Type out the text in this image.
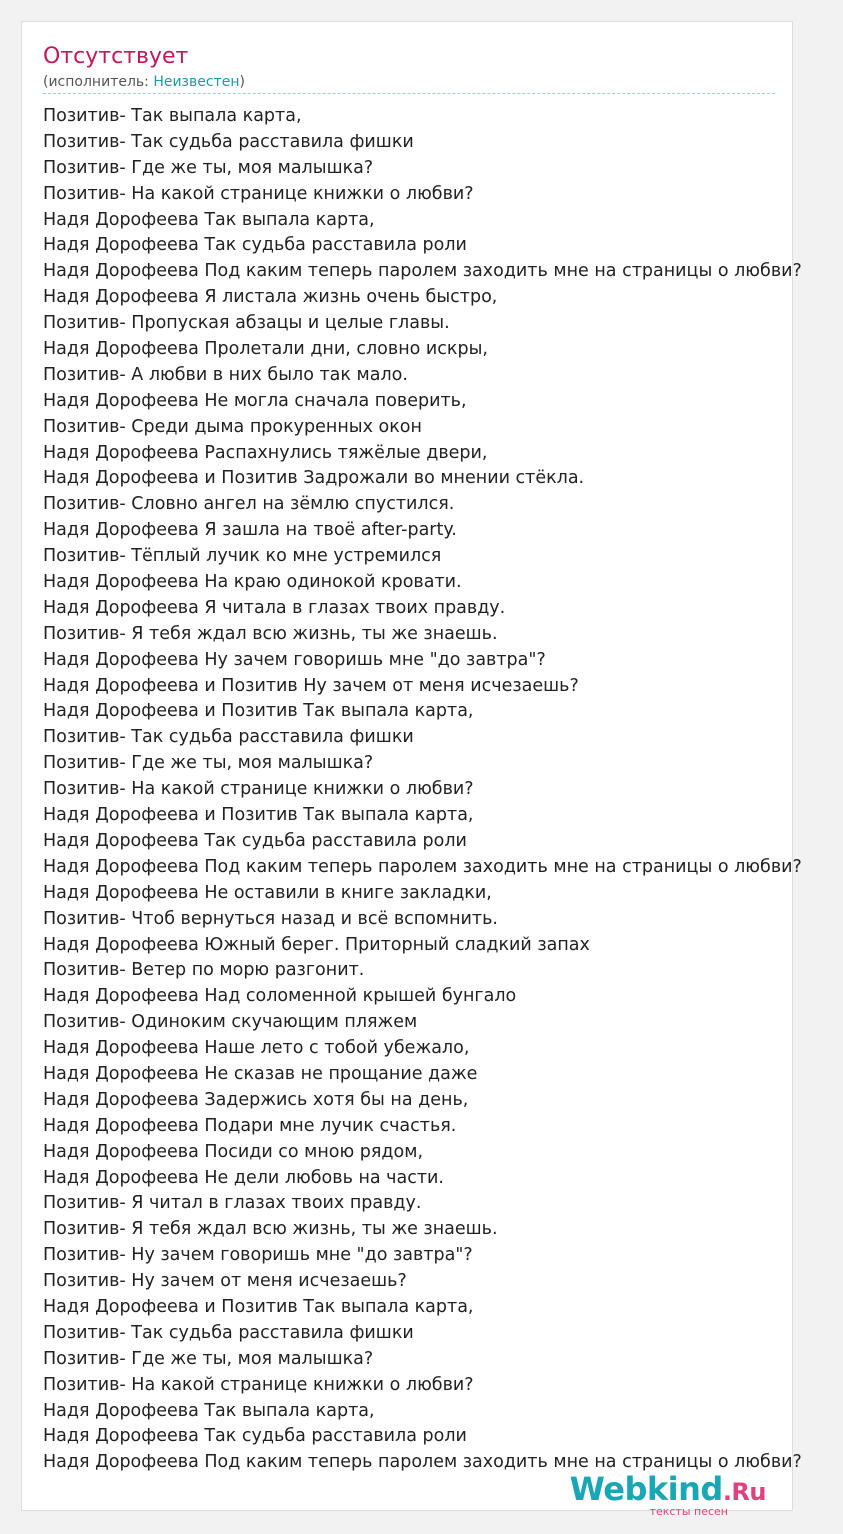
Отсутствует
(исполнитель: Неизвестен)
Позитив- Так выпала карта,
Позитив- Так судьба расставила фишки
Позитив- Где же ты, моя малышка?
Позитив- На какой странице книжки о любви?
Надя Дорофеева Так выпала карта,
Надя Дорофеева Так судьба расставила роли
Надя Дорофеева Под каким теперь паролем заходить мне на страницы о любви?
Надя Дорофеева Я листала жизнь очень быстро,
Позитив- Пропуская абзацы и целые главы.
Надя Дорофеева Пролетали дни, словно искры,
Позитив- А любви в них было так мало.
Надя Дорофеева Не могла сначала поверить,
Позитив- Среди дыма прокуренных окон
Надя Дорофеева Распахнулись тяжёлые двери,
Надя Дорофеева и Позитив Задрожали во мнении стёкла.
Позитив- Словно ангел на зёмлю спустился.
Надя Дорофеева Я зашла на твоё after-party.
Позитив- Тёплый лучик ко мне устремился
Надя Дорофеева На краю одинокой кровати.
Надя Дорофеева Я читала в глазах твоих правду.
Позитив- Я тебя ждал всю жизнь, ты же знаешь.
Надя Дорофеева Ну зачем говоришь мне "до завтра"?
Надя Дорофеева и Позитив Ну зачем от меня исчезаешь?
Надя Дорофеева и Позитив Так выпала карта,
Позитив- Так судьба расставила фишки
Позитив- Где же ты, моя малышка?
Позитив- На какой странице книжки о любви?
Надя Дорофеева и Позитив Так выпала карта,
Надя Дорофеева Так судьба расставила роли
Надя Дорофеева Под каким теперь паролем заходить мне на страницы о любви?
Надя Дорофеева Не оставили в книге закладки,
Позитив- Чтоб вернуться назад и всё вспомнить.
Надя Дорофеева Южный берег. Приторный сладкий запах
Позитив- Ветер по морю разгонит.
Надя Дорофеева Над соломенной крышей бунгало
Позитив- Одиноким скучающим пляжем
Надя Дорофеева Наше лето с тобой убежало,
Надя Дорофеева Не сказав не прощание даже
Надя Дорофеева Задержись хотя бы на день,
Надя Дорофеева Подари мне лучик счастья.
Надя Дорофеева Посиди со мною рядом,
Надя Дорофеева Не дели любовь на части.
Позитив- Я читал в глазах твоих правду.
Позитив- Я тебя ждал всю жизнь, ты же знаешь.
Позитив- Ну зачем говоришь мне "до завтра"?
Позитив- Ну зачем от меня исчезаешь?
Надя Дорофеева и Позитив Так выпала карта,
Позитив- Так судьба расставила фишки
Позитив- Где же ты, моя малышка?
Позитив- На какой странице книжки о любви?
Надя Дорофеева Так выпала карта,
Надя Дорофеева Так судьба расставила роли
Надя Дорофеева Под каким теперь паролем заходить мне на страницы о любви?
Webkind.Ru
тексты песен
